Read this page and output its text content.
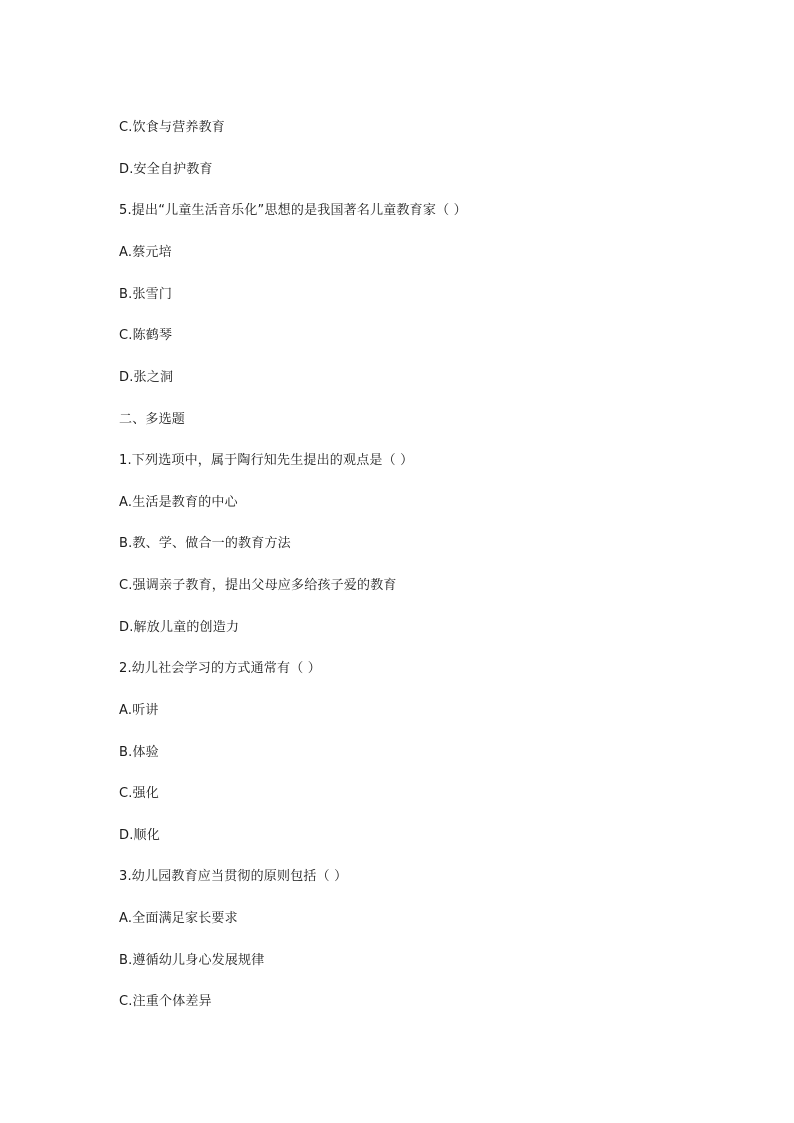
C.饮食与营养教育
D.安全自护教育
5.提出“儿童生活音乐化”思想的是我国著名儿童教育家（ ）
A.蔡元培
B.张雪门
C.陈鹤琴
D.张之洞
二、多选题
1.下列选项中，属于陶行知先生提出的观点是（ ）
A.生活是教育的中心
B.教、学、做合一的教育方法
C.强调亲子教育，提出父母应多给孩子爱的教育
D.解放儿童的创造力
2.幼儿社会学习的方式通常有（ ）
A.听讲
B.体验
C.强化
D.顺化
3.幼儿园教育应当贯彻的原则包括（ ）
A.全面满足家长要求
B.遵循幼儿身心发展规律
C.注重个体差异
